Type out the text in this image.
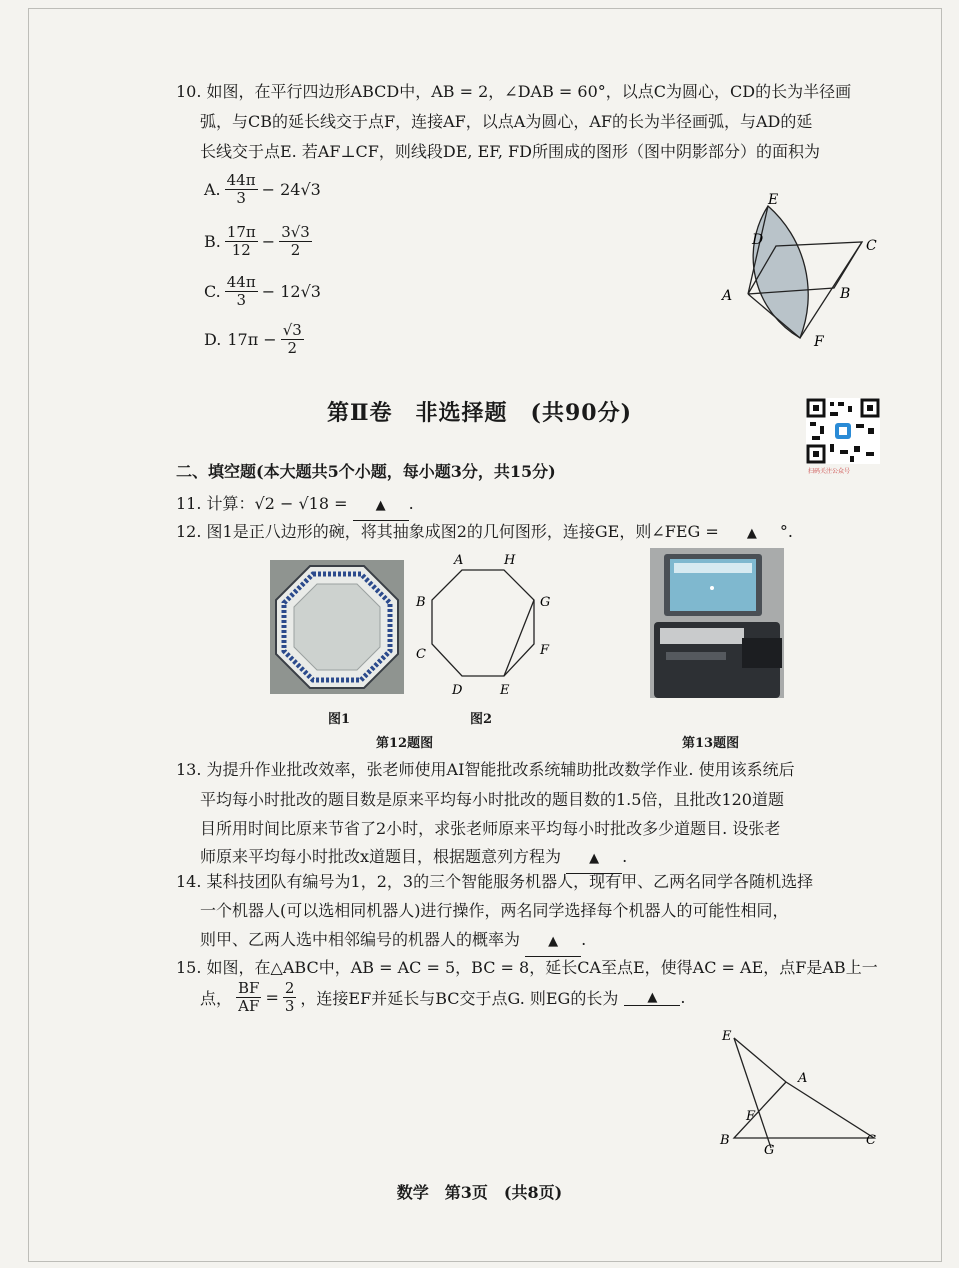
10. 如图，在平行四边形ABCD中，AB = 2，∠DAB = 60°，以点C为圆心，CD的长为半径画
弧，与CB的延长线交于点F，连接AF，以点A为圆心，AF的长为半径画弧，与AD的延
长线交于点E. 若AF⊥CF，则线段DE, EF, FD所围成的图形（图中阴影部分）的面积为
A. $\frac{44\pi}{3} - 24√3$
B. $\frac{17\pi}{12} - \frac{3√3}{2}$
C. $\frac{44\pi}{3} - 12√3$
D. $17\pi - \frac{√3}{2}$
E
D	C
A	B
F
第Ⅱ卷　非选择题　(共90分)
扫码关注公众号
二、填空题(本大题共5个小题，每小题3分，共15分)
11. 计算：√2 − √18 = ▲ .
12. 图1是正八边形的碗，将其抽象成图2的几何图形，连接GE，则∠FEG = ▲ °.
图1
A	H
B	G
C	F
D	E
图2
第12题图	第13题图
13. 为提升作业批改效率，张老师使用AI智能批改系统辅助批改数学作业. 使用该系统后
平均每小时批改的题目数是原来平均每小时批改的题目数的1.5倍，且批改120道题
目所用时间比原来节省了2小时，求张老师原来平均每小时批改多少道题目. 设张老
师原来平均每小时批改x道题目，根据题意列方程为 ▲ .
14. 某科技团队有编号为1，2，3的三个智能服务机器人，现有甲、乙两名同学各随机选择
一个机器人(可以选相同机器人)进行操作，两名同学选择每个机器人的可能性相同，
则甲、乙两人选中相邻编号的机器人的概率为 ▲ .
15. 如图，在△ABC中，AB = AC = 5，BC = 8，延长CA至点E，使得AC = AE，点F是AB上一
点， $\frac{BF}{AF} = \frac{2}{3}$ ，连接EF并延长与BC交于点G. 则EG的长为	▲	.
E
A
F
B
G
C
数学　第3页　(共8页)
